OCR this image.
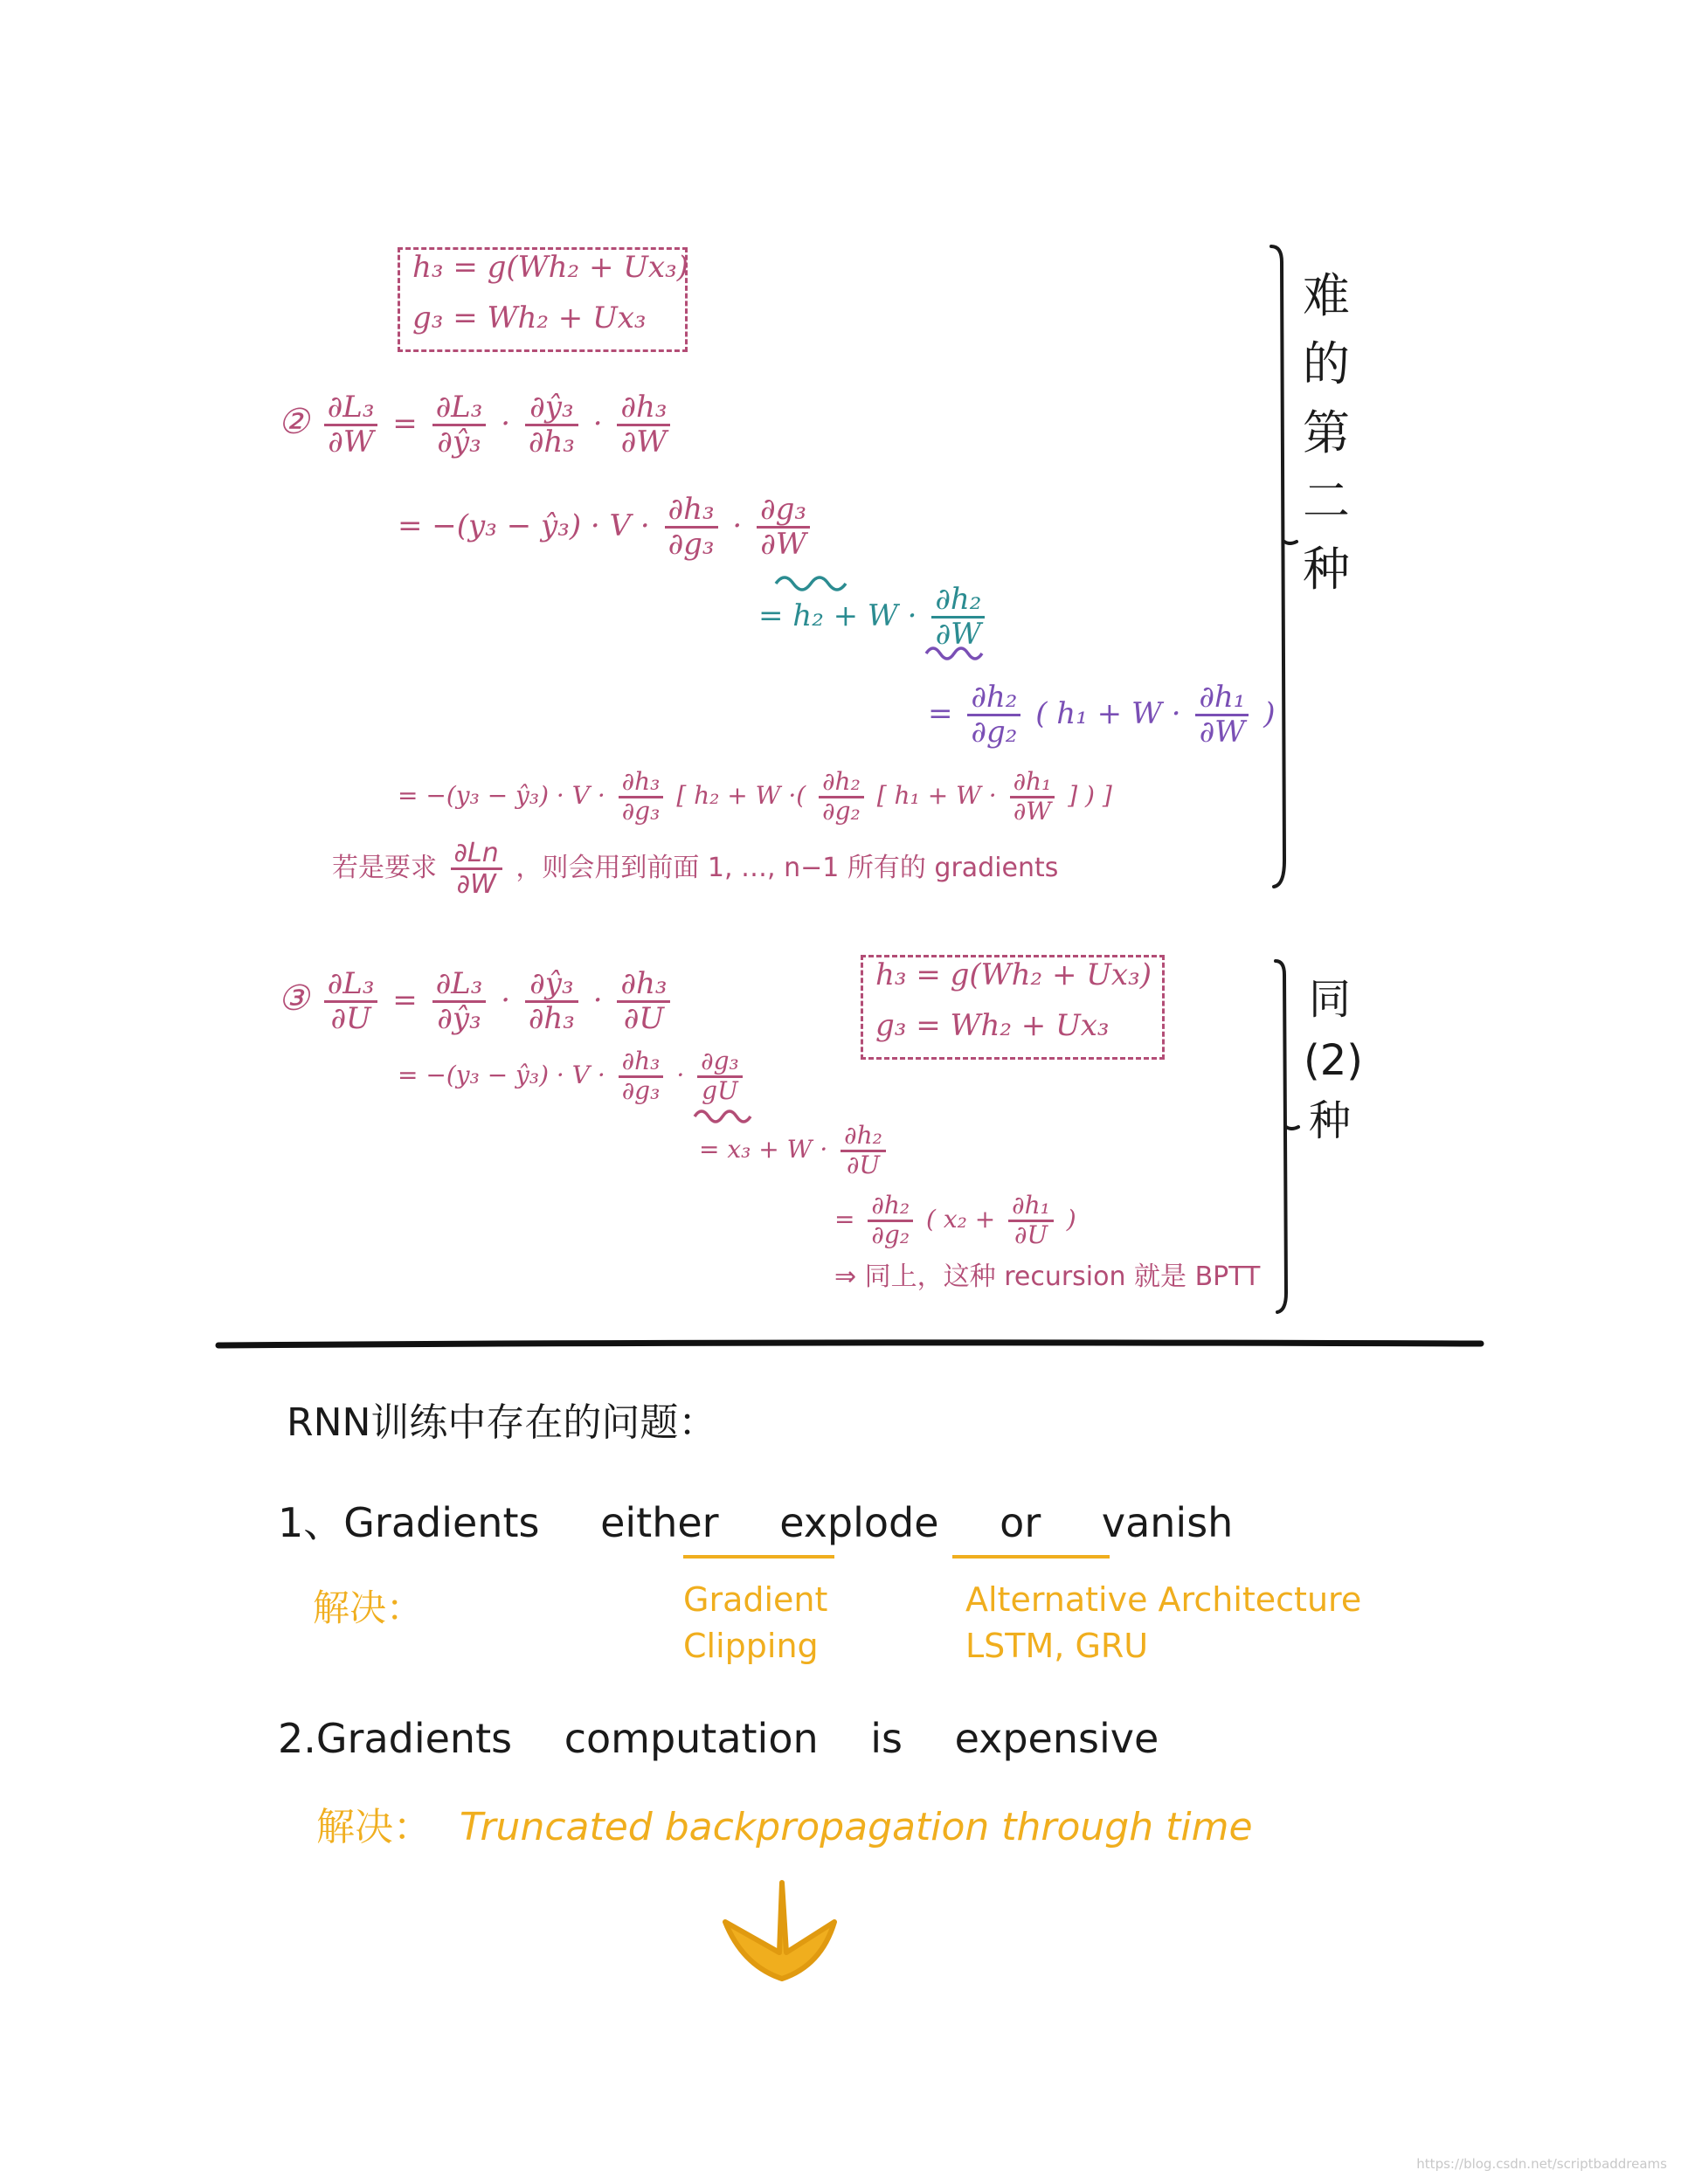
h₃ = g(Wh₂ + Ux₃)
g₃ = Wh₂ + Ux₃
② $\frac{\text{∂L₃}}{\partial W} = \frac{\text{∂L₃}}{\text{∂ŷ₃}} \cdot \frac{\text{∂ŷ₃}}{\text{∂h₃}} \cdot \frac{\text{∂h₃}}{\partial W}$
= −(y₃ − ŷ₃) · $V \cdot \frac{\text{∂h₃}}{\text{∂g₃}} \cdot \frac{\text{∂g₃}}{\partial W}$
= $h_2 + W \cdot \frac{\text{∂h₂}}{\partial W}$
= $\frac{\text{∂h₂}}{\text{∂g₂}}$ ( $h_1 + W \cdot \frac{\text{∂h₁}}{\partial W}$ )
= −(y₃ − ŷ₃) · $V \cdot \frac{\text{∂h₃}}{\text{∂g₃}}$ [ h₂ + W ·( $\frac{\text{∂h₂}}{\text{∂g₂}}$ [ $h_1 + W \cdot \frac{\text{∂h₁}}{\partial W}$ ] ) ]
若是要求 $\frac{\partial Ln}{\partial W}$ ，则会用到前面 1, …, n−1 所有的 gradients
难的第二种
③ $\frac{\text{∂L₃}}{\partial U} = \frac{\text{∂L₃}}{\text{∂ŷ₃}} \cdot \frac{\text{∂ŷ₃}}{\text{∂h₃}} \cdot \frac{\text{∂h₃}}{\partial U}$	h₃ = g(Wh₂ + Ux₃)
g₃ = Wh₂ + Ux₃
= −(y₃ − ŷ₃) · $V \cdot \frac{\text{∂h₃}}{\text{∂g₃}} \cdot \frac{\text{∂g₃}}{gU}$
= $x_3 + W \cdot \frac{\text{∂h₂}}{\partial U}$
= $\frac{\text{∂h₂}}{\text{∂g₂}}$ ( $x_2 + \frac{\text{∂h₁}}{\partial U}$ )
⇒ 同上，这种 recursion 就是 BPTT
同(2)种
RNN训练中存在的问题：
1、Gradients either explode or vanish
解决：	Gradient
Clipping
Alternative Architecture
LSTM, GRU
2.Gradients computation is expensive
解决： Truncated backpropagation through time
https://blog.csdn.net/scriptbaddreams
